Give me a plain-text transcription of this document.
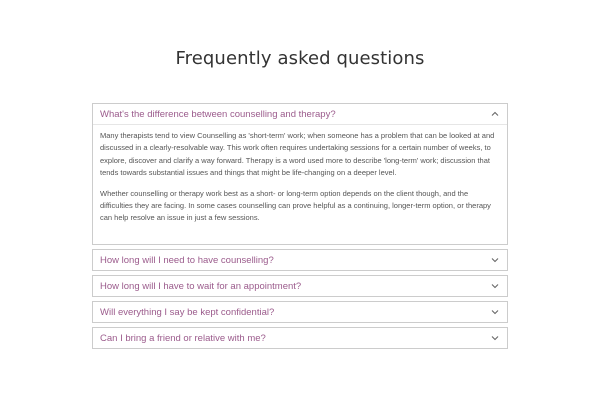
Frequently asked questions
What's the difference between counselling and therapy?

Many therapists tend to view Counselling as 'short-term' work; when someone has a problem that can be looked at and discussed in a clearly-resolvable way. This work often requires undertaking sessions for a certain number of weeks, to explore, discover and clarify a way forward. Therapy is a word used more to describe 'long-term' work; discussion that tends towards substantial issues and things that might be life-changing on a deeper level.

Whether counselling or therapy work best as a short- or long-term option depends on the client though, and the difficulties they are facing. In some cases counselling can prove helpful as a continuing, longer-term option, or therapy can help resolve an issue in just a few sessions.

How long will I need to have counselling?
How long will I have to wait for an appointment?
Will everything I say be kept confidential?
Can I bring a friend or relative with me?
